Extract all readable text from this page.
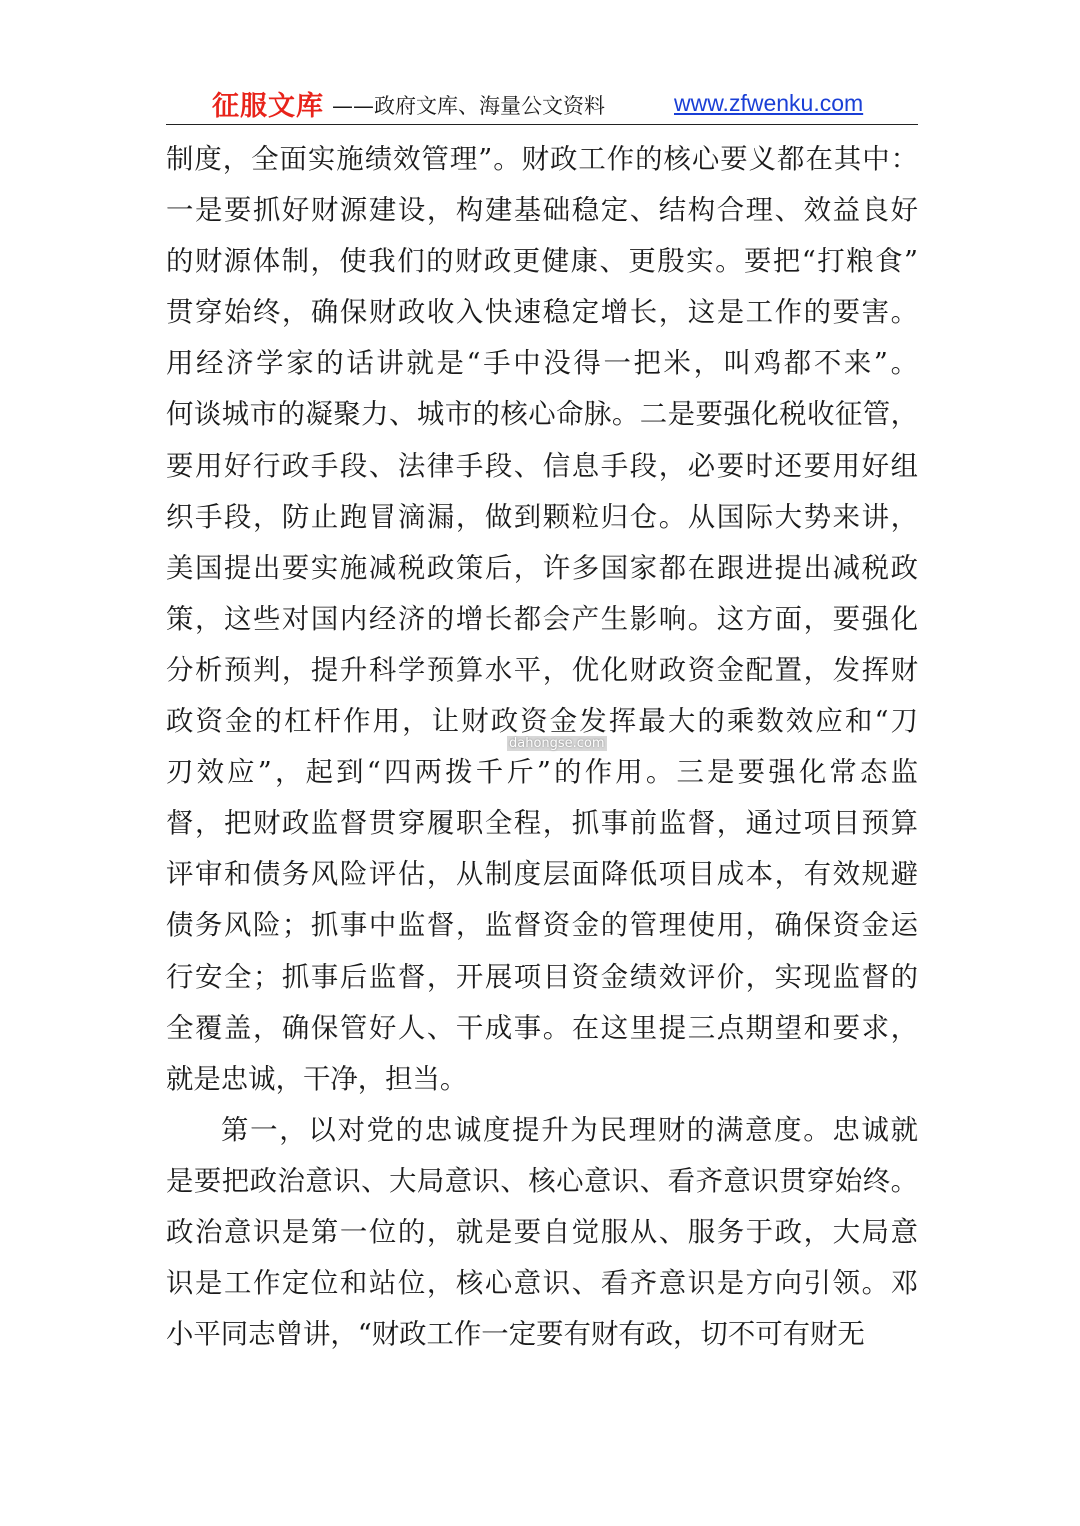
征服文库 ——政府文库、海量公文资料	www.zfwenku.com
制度，全面实施绩效管理”。财政工作的核心要义都在其中：
一是要抓好财源建设，构建基础稳定、结构合理、效益良好
的财源体制，使我们的财政更健康、更殷实。要把“打粮食”
贯穿始终，确保财政收入快速稳定增长，这是工作的要害。
用经济学家的话讲就是“手中没得一把米，叫鸡都不来”。
何谈城市的凝聚力、城市的核心命脉。二是要强化税收征管，
要用好行政手段、法律手段、信息手段，必要时还要用好组
织手段，防止跑冒滴漏，做到颗粒归仓。从国际大势来讲，
美国提出要实施减税政策后，许多国家都在跟进提出减税政
策，这些对国内经济的增长都会产生影响。这方面，要强化
分析预判，提升科学预算水平，优化财政资金配置，发挥财
政资金的杠杆作用，让财政资金发挥最大的乘数效应和“刀
刃效应”，起到“四两拨千斤”的作用。三是要强化常态监
督，把财政监督贯穿履职全程，抓事前监督，通过项目预算
评审和债务风险评估，从制度层面降低项目成本，有效规避
债务风险；抓事中监督，监督资金的管理使用，确保资金运
行安全；抓事后监督，开展项目资金绩效评价，实现监督的
全覆盖，确保管好人、干成事。在这里提三点期望和要求，
就是忠诚，干净，担当。
第一，以对党的忠诚度提升为民理财的满意度。忠诚就
是要把政治意识、大局意识、核心意识、看齐意识贯穿始终。
政治意识是第一位的，就是要自觉服从、服务于政，大局意
识是工作定位和站位，核心意识、看齐意识是方向引领。邓
小平同志曾讲，“财政工作一定要有财有政，切不可有财无
dahongse.com
